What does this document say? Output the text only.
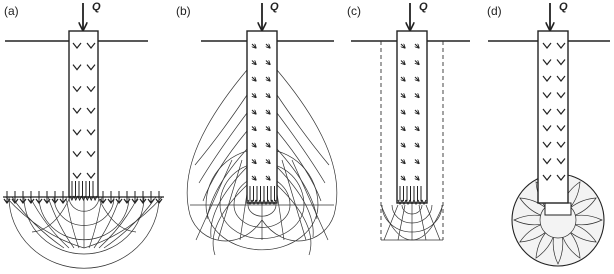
(a)	Q	(b)	Q	(c)	Q	(d)	Q
